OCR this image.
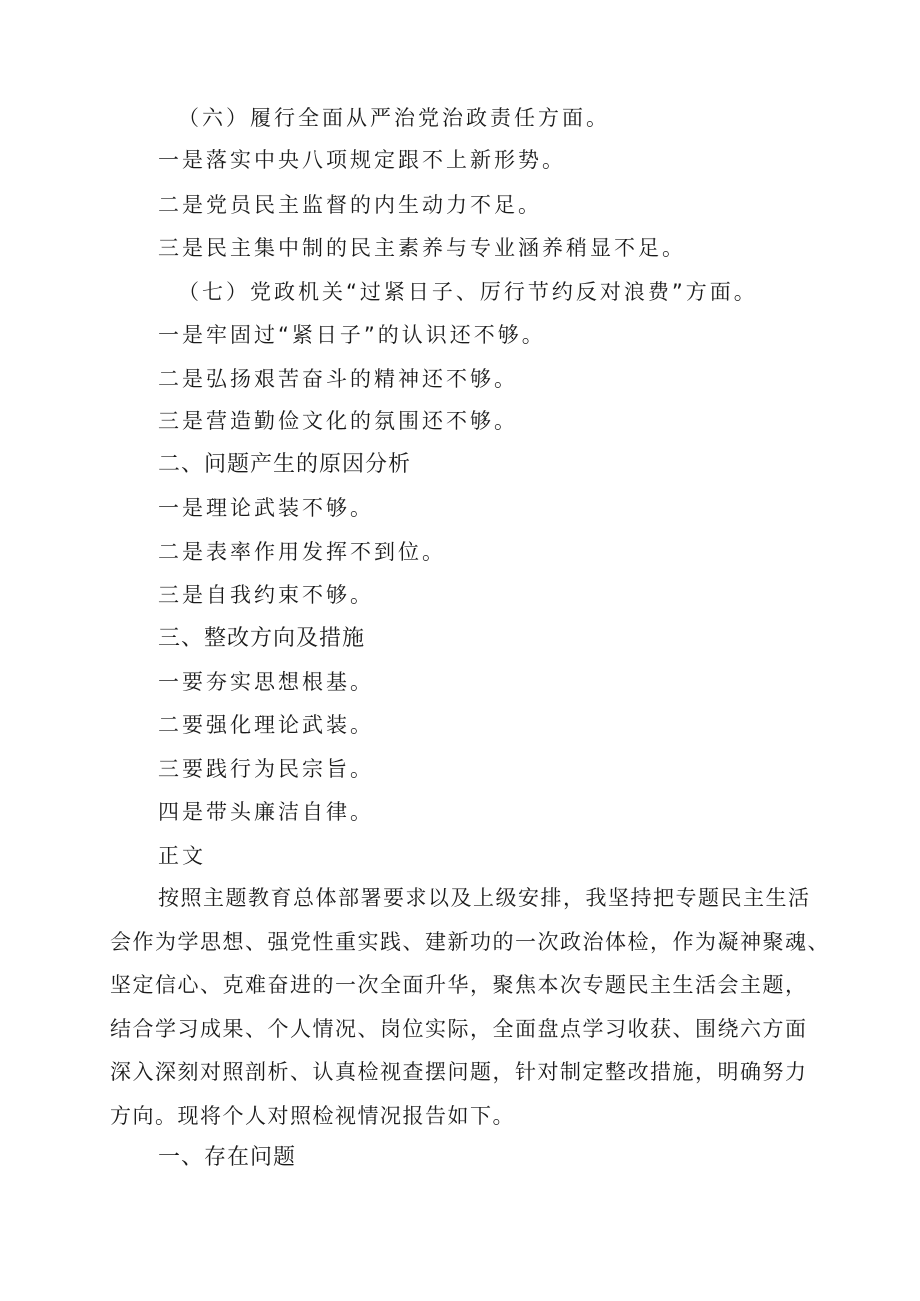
（六）履行全面从严治党治政责任方面。
一是落实中央八项规定跟不上新形势。
二是党员民主监督的内生动力不足。
三是民主集中制的民主素养与专业涵养稍显不足。
（七）党政机关“过紧日子、厉行节约反对浪费”方面。
一是牢固过“紧日子”的认识还不够。
二是弘扬艰苦奋斗的精神还不够。
三是营造勤俭文化的氛围还不够。
二、问题产生的原因分析
一是理论武装不够。
二是表率作用发挥不到位。
三是自我约束不够。
三、整改方向及措施
一要夯实思想根基。
二要强化理论武装。
三要践行为民宗旨。
四是带头廉洁自律。
正文
按照主题教育总体部署要求以及上级安排，我坚持把专题民主生活
会作为学思想、强党性重实践、建新功的一次政治体检，作为凝神聚魂、
坚定信心、克难奋进的一次全面升华，聚焦本次专题民主生活会主题，
结合学习成果、个人情况、岗位实际，全面盘点学习收获、围绕六方面
深入深刻对照剖析、认真检视查摆问题，针对制定整改措施，明确努力
方向。现将个人对照检视情况报告如下。
一、存在问题
